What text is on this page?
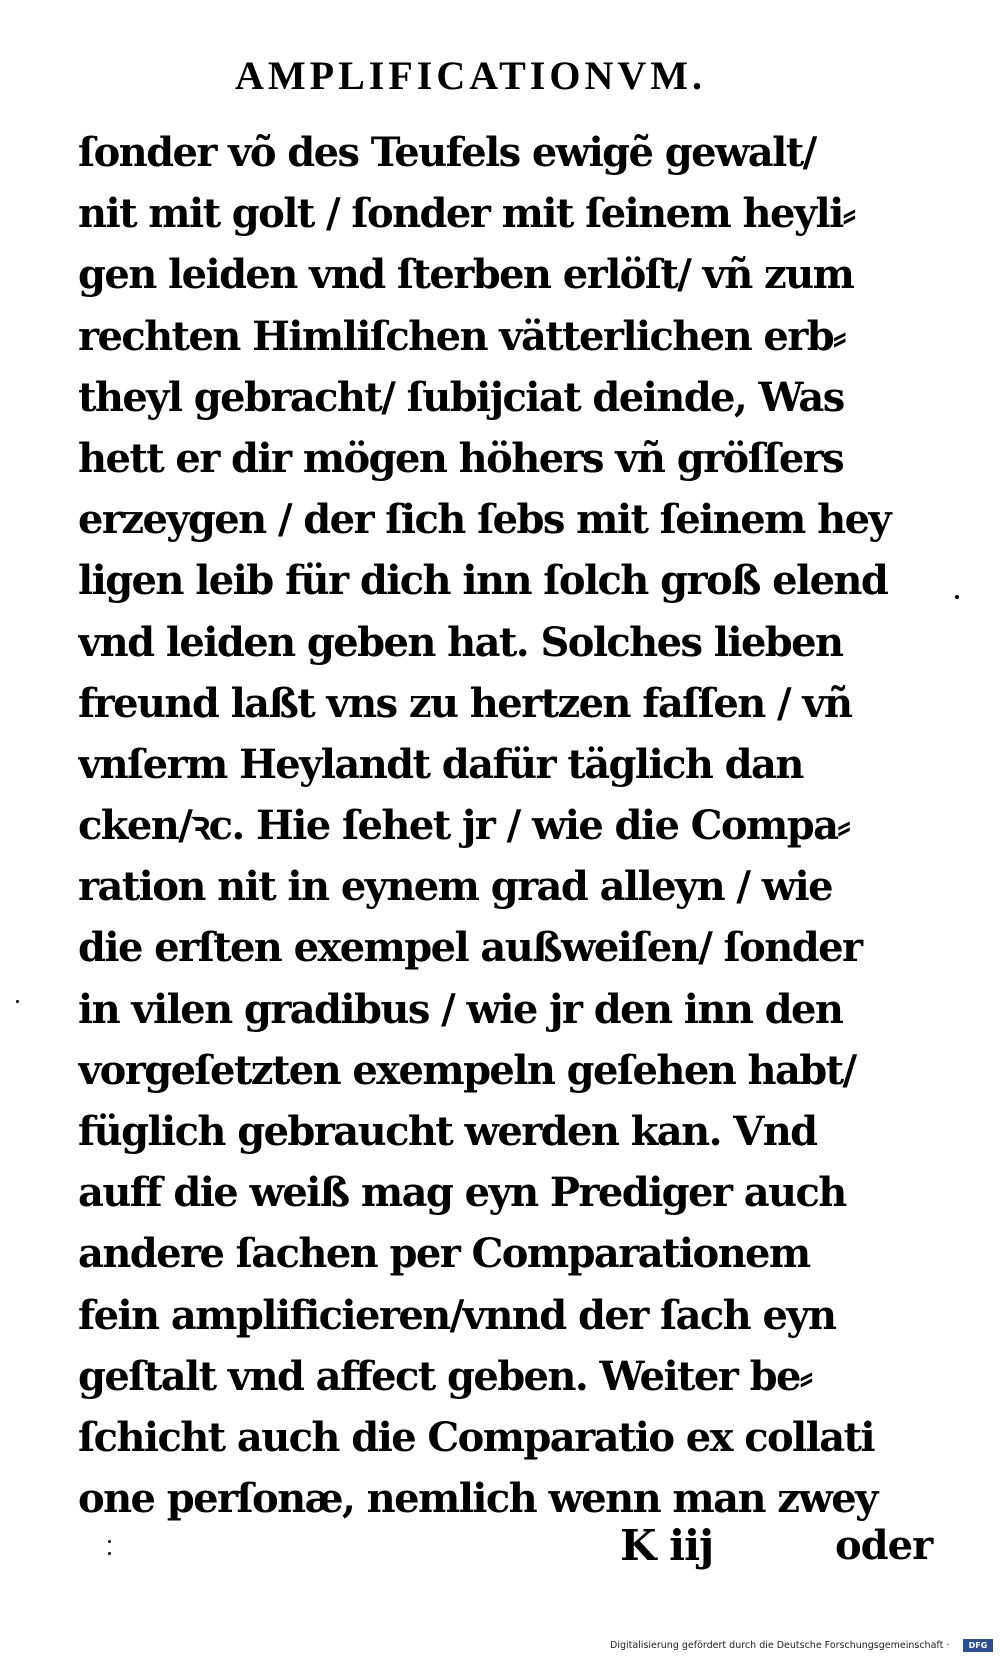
AMPLIFICATIONVM.
ſonder võ des Teufels ewigẽ gewalt/
nit mit golt / ſonder mit ſeinem heyli⸗
gen leiden vnd ſterben erlöſt/ vñ zum
rechten Himliſchen vätterlichen erb⸗
theyl gebracht/ ſubijciat deinde, Was
hett er dir mögen höhers vñ gröſſers
erzeygen / der ſich ſebs mit ſeinem hey
ligen leib für dich inn ſolch groß elend
vnd leiden geben hat. Solches lieben
freund laßt vns zu hertzen faſſen / vñ
vnſerm Heylandt dafür täglich dan
cken/ꝛc. Hie ſehet jr / wie die Compa⸗
ration nit in eynem grad alleyn / wie
die erſten exempel außweiſen/ ſonder
in vilen gradibus / wie jr den inn den
vorgeſetzten exempeln geſehen habt/
füglich gebraucht werden kan. Vnd
auff die weiß mag eyn Prediger auch
andere ſachen per Comparationem
fein amplificieren/vnnd der ſach eyn
geſtalt vnd affect geben. Weiter be⸗
ſchicht auch die Comparatio ex collati
one perſonæ, nemlich wenn man zwey
K iij	oder
Digitalisierung gefördert durch die Deutsche Forschungsgemeinschaft ·	DFG
